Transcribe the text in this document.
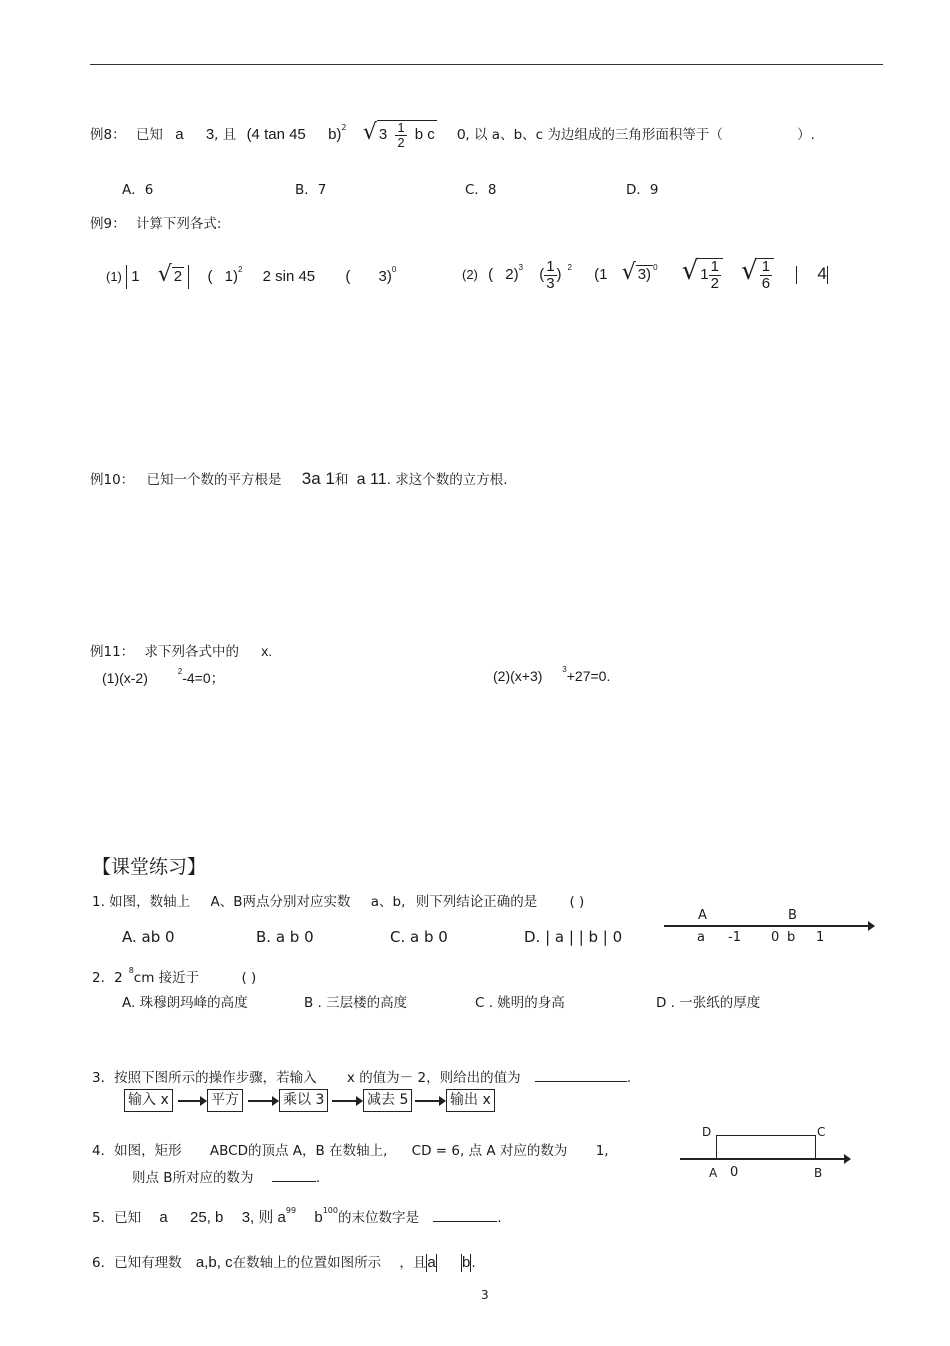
例8： 已知 a 3, 且 (4 tan 45 b)$^2$ √ $3 \frac{1}{2}$ b c 0, 以 a、b、c 为边组成的三角形面积等于（	）.
A．6	B．7	C．8	D．9
例9： 计算下列各式:
(1) 1 √ 2 ( 1)$^2$ 2 sin 45 ( 3)$^0$	(2) ( 2)$^3$ ( $\frac{1}{3}$ ) $^2$ (1 √ 3) $^0$ √ $1 \frac{1}{2}$ √ $\frac{1}{6}$	4
例10： 已知一个数的平方根是 3a 1和 a 11. 求这个数的立方根.
例11： 求下列各式中的 x.
(1)(x-2)	$^2$-4=0；	(2)(x+3) $^3$+27=0.
【课堂练习】
1. 如图，数轴上 A、B两点分别对应实数 a、b, 则下列结论正确的是 ( )
A. ab 0	B. a b 0	C. a b 0	D. | a | | b | 0
A	B
a -1 0 b 1
2．2 $^8$cm 接近于	( )
A. 珠穆朗玛峰的高度	B . 三层楼的高度	C . 姚明的身高	D . 一张纸的厚度
3．按照下图所示的操作步骤，若输入 x 的值为－ 2，则给出的值为	.
输入 x	平方	乘以 3	减去 5	输出 x
4．如图，矩形 ABCD的顶点 A，B 在数轴上, CD = 6, 点 A 对应的数为 1,
则点 B所对应的数为	.
D	C
A 0	B
5．已知 a 25, b 3, 则 $a^{99}$ $b^{100}$的末位数字是	.
6．已知有理数 a,b, c在数轴上的位置如图所示 ，且a b.
3
